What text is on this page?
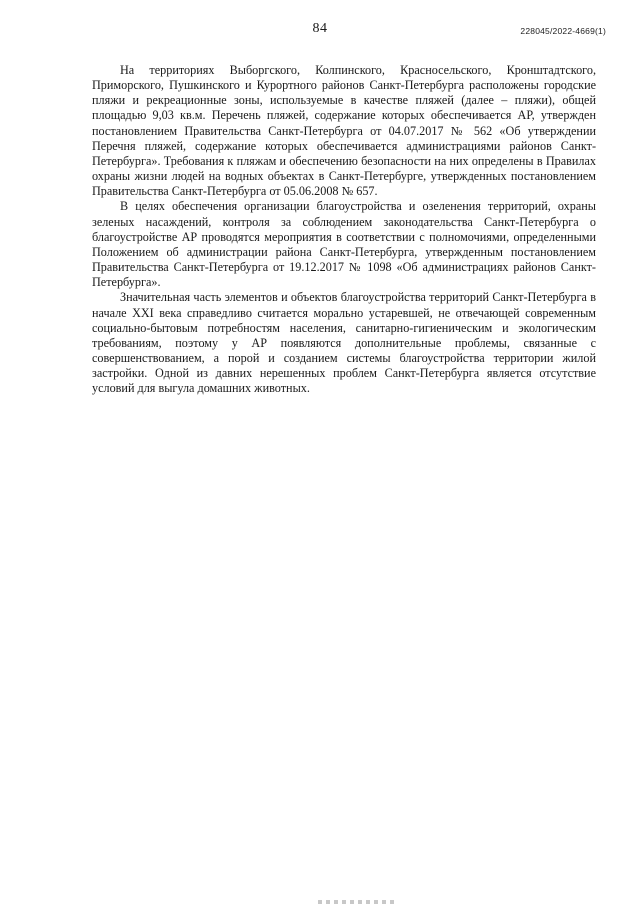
84	228045/2022-4669(1)

На территориях Выборгского, Колпинского, Красносельского, Кронштадтского, Приморского, Пушкинского и Курортного районов Санкт-Петербурга расположены городские пляжи и рекреационные зоны, используемые в качестве пляжей (далее – пляжи), общей площадью 9,03 кв.м. Перечень пляжей, содержание которых обеспечивается АР, утвержден постановлением Правительства Санкт-Петербурга от 04.07.2017 № 562 «Об утверждении Перечня пляжей, содержание которых обеспечивается администрациями районов Санкт-Петербурга». Требования к пляжам и обеспечению безопасности на них определены в Правилах охраны жизни людей на водных объектах в Санкт-Петербурге, утвержденных постановлением Правительства Санкт-Петербурга от 05.06.2008 № 657.

В целях обеспечения организации благоустройства и озеленения территорий, охраны зеленых насаждений, контроля за соблюдением законодательства Санкт-Петербурга о благоустройстве АР проводятся мероприятия в соответствии с полномочиями, определенными Положением об администрации района Санкт-Петербурга, утвержденным постановлением Правительства Санкт-Петербурга от 19.12.2017 № 1098 «Об администрациях районов Санкт-Петербурга».

Значительная часть элементов и объектов благоустройства территорий Санкт-Петербурга в начале XXI века справедливо считается морально устаревшей, не отвечающей современным социально-бытовым потребностям населения, санитарно-гигиеническим и экологическим требованиям, поэтому у АР появляются дополнительные проблемы, связанные с совершенствованием, а порой и созданием системы благоустройства территории жилой застройки. Одной из давних нерешенных проблем Санкт-Петербурга является отсутствие условий для выгула домашних животных.
